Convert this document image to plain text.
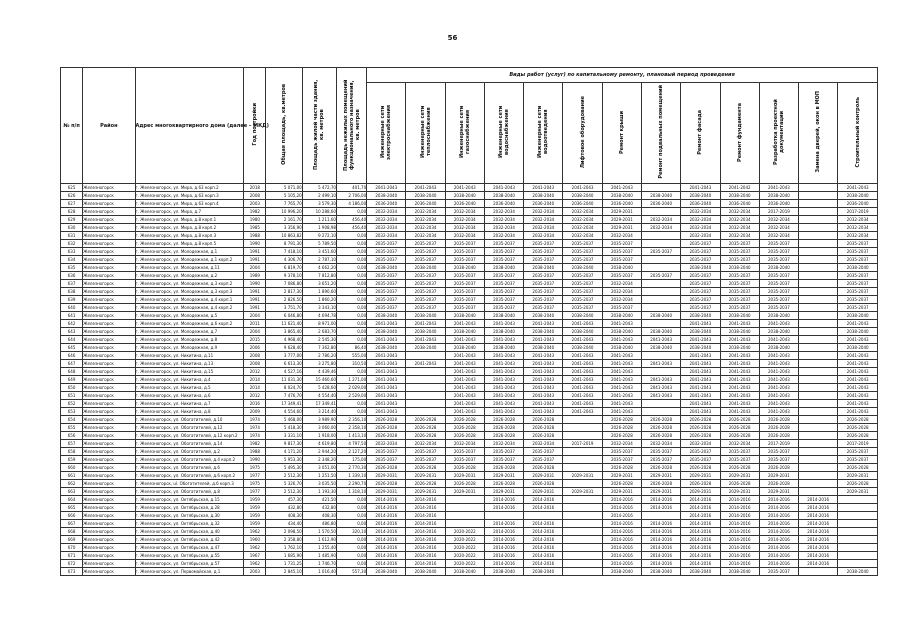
56
№ п/п	Район	Адрес многоквартирного дома (далее – МКД)	Год постройки	Общая площадь, кв.метров	Площадь жилой части здания, кв. метров	Площадь нежилых помещений функционального назначения, кв. метров	Виды работ (услуг) по капитальному ремонту, плановый период проведения												
							Инженерные сети электроснабжения	Инженерные сети теплоснабжения	Инженерные сети газоснабжения	Инженерные сети водоснабжения	Инженерные сети водоотведения	Лифтовое оборудование	Ремонт крыши	Ремонт подвальных помещений	Ремонт фасада	Ремонт фундамента	Разработка проектной документации	Замена дверей, окон в МОП	Строительный контроль
625	Железногорск	г. Железногорск, ул. Мира, д.63 корп.2	2018	5 071,00	5 472,70	401,70	2041-2043	2041-2043	2041-2043	2041-2043	2041-2043	2041-2043	2041-2043		2041-2043	2041-2042	2041-2043		2041-2043
626	Железногорск	г. Железногорск, ул. Мира, д.63 корп.3	2008	5 105,20	2 499,10	2 706,00	2038-2040	2038-2040	2038-2040	2038-2040	2038-2040	2038-2040	2038-2040	2038-2040	2038-2040	2038-2040	2038-2040		2038-2040
627	Железногорск	г. Железногорск, ул. Мира, д.63 корп.4	2003	7 765,70	3 579,30	4 186,00	2036-2040	2036-2040	2036-2040	2036-2040	2036-2040	2036-2040	2036-2040	2036-2040	2036-2040	2036-2040	2036-2040		2036-2040
628	Железногорск	г. Железногорск, ул. Мира, д.7	1982	10 996,20	10 288,60	0,00	2032-2034	2032-2034	2032-2034	2032-2034	2032-2034	2032-2034	2029-2031		2032-2034	2032-2034	2017-2019		2017-2019
629	Железногорск	г. Железногорск, ул. Мира, д.8 корп.1	1980	2 161,70	1 211,60	456,40	2032-2034	2032-2034	2032-2034	2032-2034	2032-2034	2032-2034	2029-2031	2032-2034	2032-2034	2032-2034	2032-2034		2032-2034
630	Железногорск	г. Железногорск, ул. Мира, д.8 корп.2	1985	3 356,90	1 908,98	456,40	2032-2034	2032-2034	2032-2034	2032-2034	2032-2034	2032-2034	2029-2031	2032-2034	2032-2034	2032-2034	2032-2034		2032-2034
631	Железногорск	г. Железногорск, ул. Мира, д.8 корп.3	1988	10 863,82	9 272,10	0,00	2032-2034	2032-2034	2032-2034	2032-2034	2032-2034	2032-2034	2032-2034		2032-2034	2032-2034	2032-2034		2032-2034
632	Железногорск	г. Железногорск, ул. Мира, д.8 корп.5	1990	8 791,30	5 789,50	0,00	2035-2037	2035-2037	2035-2037	2035-2037	2035-2037	2035-2037	2035-2037		2035-2037	2035-2037	2035-2037		2035-2037
633	Железногорск	г. Железногорск, ул. Молодежная, д.1	1991	7 418,10	3 451,60	0,00	2035-2037	2035-2037	2035-2037	2035-2037	2035-2037	2035-2037	2035-2037	2035-2037	2035-2037	2035-2037	2035-2037		2035-2037
634	Железногорск	г. Железногорск, ул. Молодежная, д.1 корп.2	1991	4 306,70	2 787,10	0,00	2035-2037	2035-2037	2035-2037	2035-2037	2035-2037	2035-2037	2035-2037		2035-2037	2035-2037	2035-2037		2035-2037
635	Железногорск	г. Железногорск, ул. Молодежная, д.11	2004	6 819,70	4 662,20	0,00	2038-2040	2038-2040	2038-2040	2038-2040	2038-2040	2038-2040	2038-2040		2038-2040	2038-2040	2038-2040		2038-2040
636	Железногорск	г. Железногорск, ул. Молодежная, д.2	1989	9 378,10	7 812,80	0,00	2035-2037	2035-2037	2035-2037	2035-2037	2035-2037	2035-2037	2035-2037	2035-2037	2035-2037	2035-2037	2035-2037		2035-2037
637	Железногорск	г. Железногорск, ул. Молодежная, д.3 корп.2	1990	7 086,80	3 651,20	0,00	2035-2037	2035-2037	2035-2037	2035-2037	2035-2037	2035-2037	2032-2034		2035-2037	2035-2037	2035-2037		2035-2037
638	Железногорск	г. Железногорск, ул. Молодежная, д.3 корп.3	1991	2 817,30	1 890,60	0,00	2035-2037	2035-2037	2035-2037	2035-2037	2035-2037	2035-2037	2032-2034		2035-2037	2035-2037	2035-2037		2035-2037
639	Железногорск	г. Железногорск, ул. Молодежная, д.4 корп.1	1991	2 826,50	1 860,20	0,00	2035-2037	2035-2037	2035-2037	2035-2037	2035-2037	2035-2037	2032-2034		2035-2037	2035-2037	2035-2037		2035-2037
640	Железногорск	г. Железногорск, ул. Молодежная, д.4 корп.2	1991	3 751,70	3 343,10	0,00	2035-2037	2035-2037	2035-2037	2035-2037	2035-2037	2035-2037	2035-2037		2035-2037	2035-2037	2035-2037		2035-2037
641	Железногорск	г. Железногорск, ул. Молодежная, д.5	2004	6 046,80	4 694,78	0,00	2038-2040	2038-2040	2038-2040	2038-2040	2038-2040	2038-2040	2038-2040	2038-2040	2038-2040	2038-2040	2038-2040		2038-2040
642	Железногорск	г. Железногорск, ул. Молодежная, д.6 корп.2	2011	11 621,40	8 971,00	0,00	2041-2043	2041-2043	2041-2043	2041-2043	2041-2043	2041-2043	2041-2043		2041-2043	2041-2043	2041-2043		2041-2043
643	Железногорск	г. Железногорск, ул. Молодежная, д.7	2004	3 865,40	2 683,70	0,00	2038-2040	2038-2040	2038-2040	2038-2040	2038-2040	2038-2040	2038-2040	2038-2040	2038-2040	2038-2040	2038-2040		2038-2040
644	Железногорск	г. Железногорск, ул. Молодежная, д.8	2015	4 968,40	2 545,30	0,00	2041-2043	2041-2043	2041-2043	2041-2043	2041-2043	2041-2043	2041-2043	2041-2043	2041-2043	2041-2043	2041-2043		2041-2043
645	Железногорск	г. Железногорск, ул. Молодежная, д.9	2006	9 628,40	7 362,80	86,40	2038-2040	2038-2040	2038-2040	2038-2040	2038-2040	2038-2040	2038-2040	2038-2040	2038-2040	2038-2040	2038-2040		2038-2040
646	Железногорск	г. Железногорск, ул. Никитина, д.11	2008	3 777,00	2 786,20	555,00	2041-2043		2041-2043	2041-2043	2041-2043	2041-2043	2041-2043		2041-2043	2041-2043	2041-2043		2041-2043
647	Железногорск	г. Железногорск, ул. Никитина, д.13	2008	6 613,30	3 275,80	310,50	2041-2043	2041-2043	2041-2043	2041-2043	2041-2043	2041-2043	2041-2043	2041-2043	2041-2043	2041-2043	2041-2043		2041-2043
648	Железногорск	г. Железногорск, ул. Никитина, д.15	2012	4 527,16	4 439,46	0,00	2041-2043		2041-2043	2041-2043	2041-2043	2041-2043	2041-2043		2041-2043	2041-2043	2041-2043		2041-2043
649	Железногорск	г. Железногорск, ул. Никитина, д.4	2014	11 031,30	15 460,60	1 271,00	2041-2043		2041-2043	2041-2043	2041-2043	2041-2043	2041-2043	2041-2043	2041-2043	2041-2043	2041-2043		2041-2043
650	Железногорск	г. Железногорск, ул. Никитина, д.5	2014	8 024,70	5 428,60	2 029,00	2041-2043		2041-2043	2041-2043	2041-2043	2041-2043	2041-2043	2041-2043	2041-2043	2041-2043	2041-2043		2041-2043
651	Железногорск	г. Железногорск, ул. Никитина, д.6	2012	7 476,70	4 554,40	2 529,00	2041-2043		2041-2043	2041-2043	2041-2043	2041-2043	2041-2043	2041-2043	2041-2043	2041-2043	2041-2043		2041-2043
652	Железногорск	г. Железногорск, ул. Никитина, д.7	2016	17 349,41	17 349,41	0,00	2041-2043		2041-2043	2041-2043	2041-2043	2041-2043	2041-2043		2041-2043	2041-2043	2041-2043		2041-2043
653	Железногорск	г. Железногорск, ул. Никитина, д.8	2009	4 554,60	3 214,40	0,00	2041-2043		2041-2043	2041-2043	2041-2043	2041-2043	2041-2043		2041-2043	2041-2043	2041-2043		2041-2043
654	Железногорск	г. Железногорск, ул. Обогатителей, д.10	1974	5 468,00	3 989,90	2 356,10	2026-2028	2026-2028	2026-2028	2026-2028	2026-2028		2026-2028	2026-2028	2026-2028	2026-2028	2026-2028		2026-2028
655	Железногорск	г. Железногорск, ул. Обогатителей, д.12	1974	5 418,30	3 060,00	2 358,10	2026-2028	2026-2028	2026-2028	2026-2028	2026-2028		2026-2028	2026-2028	2026-2028	2026-2028	2026-2028		2026-2028
656	Железногорск	г. Железногорск, ул. Обогатителей, д.12 корп.2	1974	3 331,10	1 918,00	1 413,10	2026-2028	2026-2028	2026-2028	2026-2028	2026-2028		2026-2028	2026-2028	2026-2028	2026-2028	2026-2028		2026-2028
657	Железногорск	г. Железногорск, ул. Обогатителей, д.14	1982	9 817,30	4 619,80	4 797,50	2032-2034	2032-2034	2032-2034	2032-2034	2032-2034	2017-2019	2032-2034	2032-2034	2032-2034	2032-2034	2017-2019		2017-2019
658	Железногорск	г. Железногорск, ул. Обогатителей, д.2	1988	4 171,20	2 944,20	2 127,20	2035-2037	2035-2037	2035-2037	2035-2037	2035-2037		2035-2037	2035-2037	2035-2037	2035-2037	2035-2037		2035-2037
659	Железногорск	г. Железногорск, ул. Обогатителей, д.4 корп.2	1990	5 953,30	2 348,20	175,00	2035-2037	2035-2037	2035-2037	2035-2037	2035-2037		2035-2037	2035-2037	2035-2037	2035-2037	2035-2037		2035-2037
660	Железногорск	г. Железногорск, ул. Обогатителей, д.6	1975	5 495,30	3 051,00	2 770,30	2026-2028	2026-2028	2026-2028	2026-2028	2026-2028		2026-2028	2026-2028	2026-2028	2026-2028	2026-2028		2026-2028
661	Железногорск	г. Железногорск, ул. Обогатителей, д.6 корп.2	1977	2 512,30	1 251,50	1 339,10	2029-2031	2029-2031	2029-2031	2029-2031	2029-2031	2029-2031	2029-2031	2029-2031	2029-2031	2029-2031	2029-2031		2029-2031
662	Железногорск	г. Железногорск, ul. Обогатителей, д.6 корп.3	1975	5 326,70	3 035,50	2 290,70	2026-2028	2026-2028	2026-2028	2026-2028	2026-2028		2026-2028	2026-2028	2026-2028	2026-2028	2026-2028		2026-2028
663	Железногорск	г. Железногорск, ул. Обогатителей, д.8	1977	2 512,30	1 193,30	1 318,10	2029-2031	2029-2031	2029-2031	2029-2031	2029-2031	2029-2031	2029-2031	2029-2031	2029-2031	2029-2031	2029-2031		2029-2031
664	Железногорск	г. Железногорск, ул. Октябрьская, д.15	1959	457,30	421,50	0,00	2014-2016	2014-2016		2014-2016	2014-2016		2014-2016	2014-2016	2014-2016	2014-2016	2014-2016	2014-2016	
665	Железногорск	г. Железногорск, ул. Октябрьская, д.28	1959	432,80	432,80	0,00	2014-2016	2014-2016		2014-2016	2014-2016		2014-2016	2014-2016	2014-2016	2014-2016	2014-2016	2014-2016	
666	Железногорск	г. Железногорск, ул. Октябрьская, д.30	1959	408,30	408,30	0,00	2014-2016	2014-2016					2014-2016		2014-2016	2014-2016	2014-2016	2014-2016	
667	Железногорск	г. Железногорск, ул. Октябрьская, д.32	1959	434,40	486,80	0,00	2014-2016	2014-2016		2014-2016	2014-2016		2014-2016	2014-2016	2014-2016	2014-2016	2014-2016	2014-2016	
668	Железногорск	г. Железногорск, ул. Октябрьская, д.40	1962	2 098,50	1 570,50	320,10	2014-2016	2014-2016	2020-2022	2014-2016	2014-2016		2014-2016	2014-2016	2014-2016	2014-2016	2014-2016	2014-2016	
669	Железногорск	г. Железногорск, ул. Октябрьская, д.42	1960	2 358,80	1 612,90	0,00	2014-2016	2014-2016	2020-2022	2014-2016	2014-2016		2014-2016	2014-2016	2014-2016	2014-2016	2014-2016	2014-2016	
670	Железногорск	г. Железногорск, ул. Октябрьская, д.47	1962	1 762,10	1 255,40	0,00	2014-2016	2014-2016	2020-2022	2014-2016	2014-2016		2014-2016	2014-2016	2014-2016	2014-2016	2014-2016	2014-2016	
671	Железногорск	г. Железногорск, ул. Октябрьская, д.55	1967	1 685,90	1 485,90	0,00	2014-2016	2014-2016	2020-2022	2014-2016	2014-2016		2014-2016	2014-2016	2014-2016	2014-2016	2014-2016	2014-2016	
672	Железногорск	г. Железногорск, ул. Октябрьская, д.57	1962	1 731,25	1 746,70	0,00	2014-2016	2014-2016	2020-2022	2014-2016	2014-2016		2014-2016	2014-2016	2014-2016	2014-2016	2014-2016	2014-2016	
673	Железногорск	г. Железногорск, ул. Первомайская, д.1	2003	2 845,10	1 016,40	557,30	2038-2040	2038-2040	2038-2040	2038-2040	2038-2040		2038-2040	2038-2040	2038-2040	2038-2040	2035-2037		2038-2040
